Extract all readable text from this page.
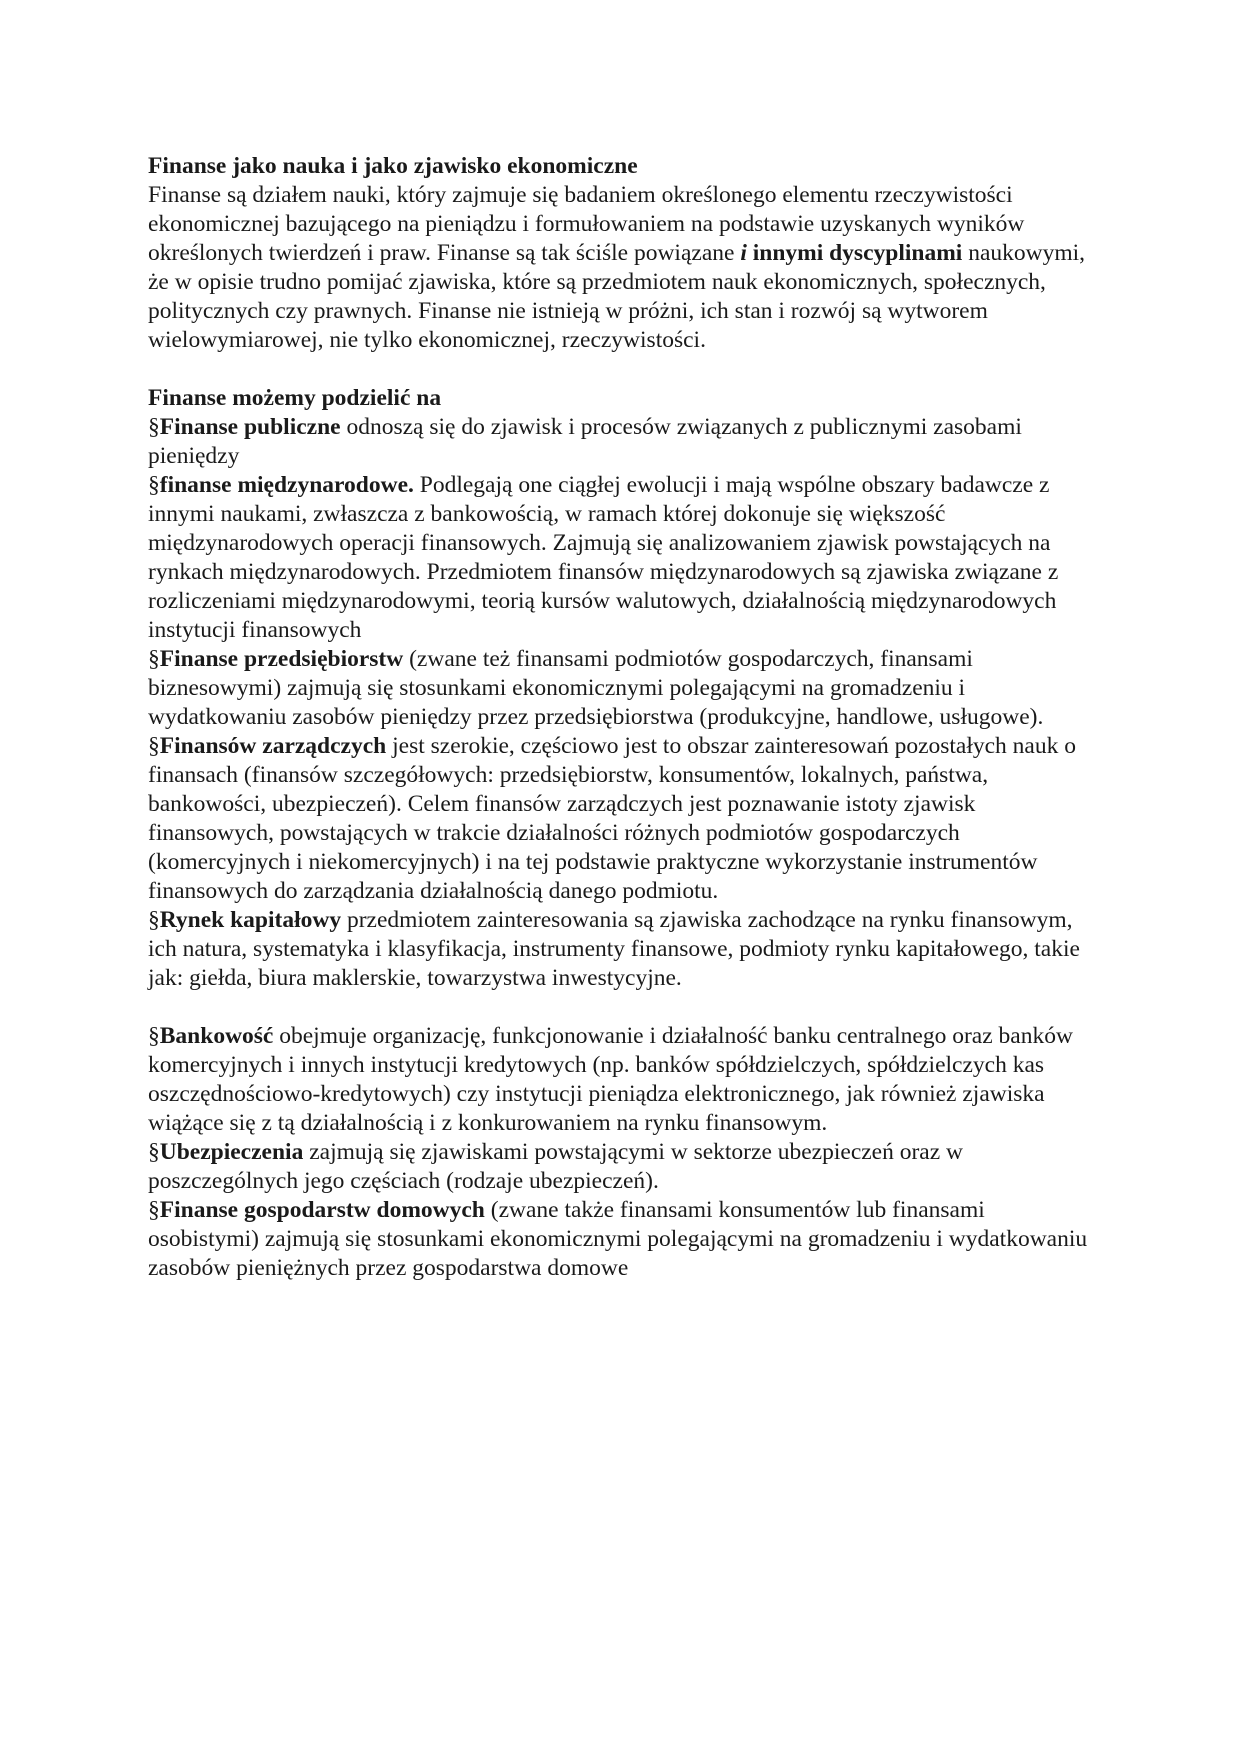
Finanse jako nauka i jako zjawisko ekonomiczne

Finanse są działem nauki, który zajmuje się badaniem określonego elementu rzeczywistości ekonomicznej bazującego na pieniądzu i formułowaniem na podstawie uzyskanych wyników określonych twierdzeń i praw. Finanse są tak ściśle powiązane i innymi dyscyplinami naukowymi, że w opisie trudno pomijać zjawiska, które są przedmiotem nauk ekonomicznych, społecznych, politycznych czy prawnych. Finanse nie istnieją w próżni, ich stan i rozwój są wytworem wielowymiarowej, nie tylko ekonomicznej, rzeczywistości.

Finanse możemy podzielić na

§Finanse publiczne odnoszą się do zjawisk i procesów związanych z publicznymi zasobami pieniędzy

§finanse międzynarodowe. Podlegają one ciągłej ewolucji i mają wspólne obszary badawcze z innymi naukami, zwłaszcza z bankowością, w ramach której dokonuje się większość międzynarodowych operacji finansowych. Zajmują się analizowaniem zjawisk powstających na rynkach międzynarodowych. Przedmiotem finansów międzynarodowych są zjawiska związane z rozliczeniami międzynarodowymi, teorią kursów walutowych, działalnością międzynarodowych instytucji finansowych

§Finanse przedsiębiorstw (zwane też finansami podmiotów gospodarczych, finansami biznesowymi) zajmują się stosunkami ekonomicznymi polegającymi na gromadzeniu i wydatkowaniu zasobów pieniędzy przez przedsiębiorstwa (produkcyjne, handlowe, usługowe).

§Finansów zarządczych jest szerokie, częściowo jest to obszar zainteresowań pozostałych nauk o finansach (finansów szczegółowych: przedsiębiorstw, konsumentów, lokalnych, państwa, bankowości, ubezpieczeń). Celem finansów zarządczych jest poznawanie istoty zjawisk finansowych, powstających w trakcie działalności różnych podmiotów gospodarczych (komercyjnych i niekomercyjnych) i na tej podstawie praktyczne wykorzystanie instrumentów finansowych do zarządzania działalnością danego podmiotu.

§Rynek kapitałowy przedmiotem zainteresowania są zjawiska zachodzące na rynku finansowym, ich natura, systematyka i klasyfikacja, instrumenty finansowe, podmioty rynku kapitałowego, takie jak: giełda, biura maklerskie, towarzystwa inwestycyjne.

§Bankowość obejmuje organizację, funkcjonowanie i działalność banku centralnego oraz banków komercyjnych i innych instytucji kredytowych (np. banków spółdzielczych, spółdzielczych kas oszczędnościowo-kredytowych) czy instytucji pieniądza elektronicznego, jak również zjawiska wiążące się z tą działalnością i z konkurowaniem na rynku finansowym.

§Ubezpieczenia zajmują się zjawiskami powstającymi w sektorze ubezpieczeń oraz w poszczególnych jego częściach (rodzaje ubezpieczeń).

§Finanse gospodarstw domowych (zwane także finansami konsumentów lub finansami osobistymi) zajmują się stosunkami ekonomicznymi polegającymi na gromadzeniu i wydatkowaniu zasobów pieniężnych przez gospodarstwa domowe
